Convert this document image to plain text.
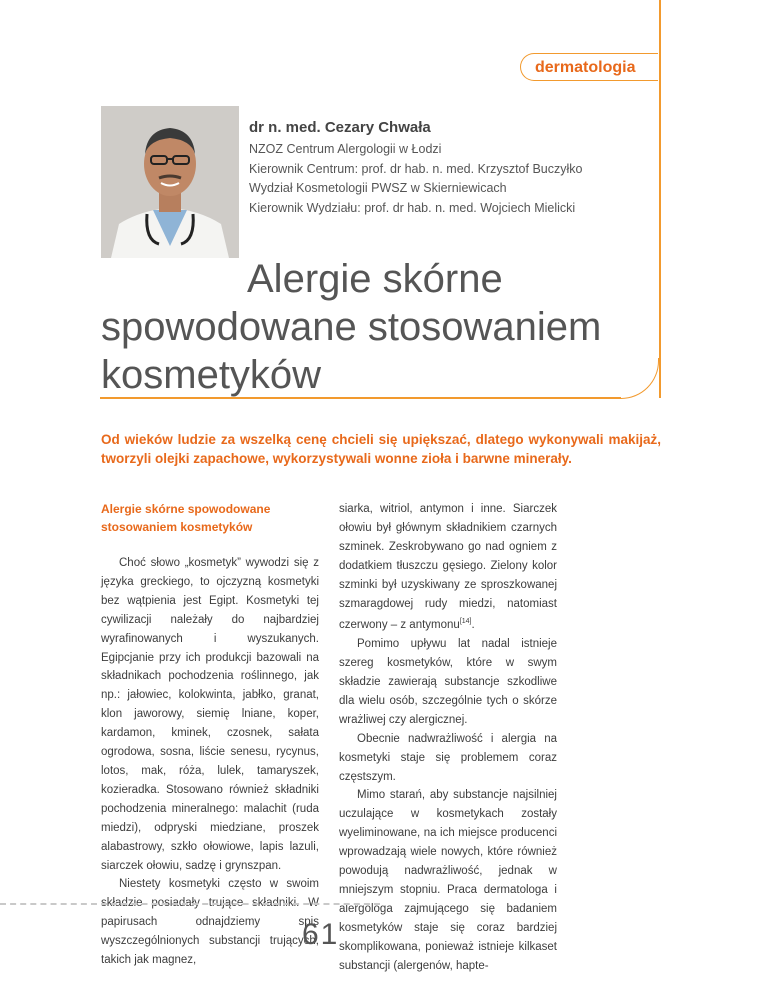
dermatologia
dr n. med. Cezary Chwała
NZOZ Centrum Alergologii w Łodzi
Kierownik Centrum: prof. dr hab. n. med. Krzysztof Buczyłko
Wydział Kosmetologii PWSZ w Skierniewicach
Kierownik Wydziału: prof. dr hab. n. med. Wojciech Mielicki
Alergie skórne
spowodowane stosowaniem
kosmetyków
Od wieków ludzie za wszelką cenę chcieli się upiększać, dlatego wykonywali makijaż, tworzyli olejki zapachowe, wykorzystywali wonne zioła i barwne minerały.
Alergie skórne spowodowane stosowaniem kosmetyków

Choć słowo „kosmetyk” wywodzi się z języka greckiego, to ojczyzną kosmetyki bez wątpienia jest Egipt. Kosmetyki tej cywilizacji należały do najbardziej wyrafinowanych i wyszukanych. Egipcjanie przy ich produkcji bazowali na składnikach pochodzenia roślinnego, jak np.: jałowiec, kolokwinta, jabłko, granat, klon jaworowy, siemię lniane, koper, kardamon, kminek, czosnek, sałata ogrodowa, sosna, liście senesu, rycynus, lotos, mak, róża, lulek, tamaryszek, kozieradka. Stosowano również składniki pochodzenia mineralnego: malachit (ruda miedzi), odpryski miedziane, proszek alabastrowy, szkło ołowiowe, lapis lazuli, siarczek ołowiu, sadzę i grynszpan.

Niestety kosmetyki często w swoim składzie posiadały trujące składniki. W papirusach odnajdziemy spis wyszczególnionych substancji trujących, takich jak magnez,

siarka, witriol, antymon i inne. Siarczek ołowiu był głównym składnikiem czarnych szminek. Zeskrobywano go nad ogniem z dodatkiem tłuszczu gęsiego. Zielony kolor szminki był uzyskiwany ze sproszkowanej szmaragdowej rudy miedzi, natomiast czerwony – z antymonu[14].

Pomimo upływu lat nadal istnieje szereg kosmetyków, które w swym składzie zawierają substancje szkodliwe dla wielu osób, szczególnie tych o skórze wrażliwej czy alergicznej.

Obecnie nadwrażliwość i alergia na kosmetyki staje się problemem coraz częstszym.

Mimo starań, aby substancje najsilniej uczulające w kosmetykach zostały wyeliminowane, na ich miejsce producenci wprowadzają wiele nowych, które również powodują nadwrażliwość, jednak w mniejszym stopniu. Praca dermatologa i alergologa zajmującego się badaniem kosmetyków staje się coraz bardziej skomplikowana, ponieważ istnieje kilkaset substancji (alergenów, hapte-

61
